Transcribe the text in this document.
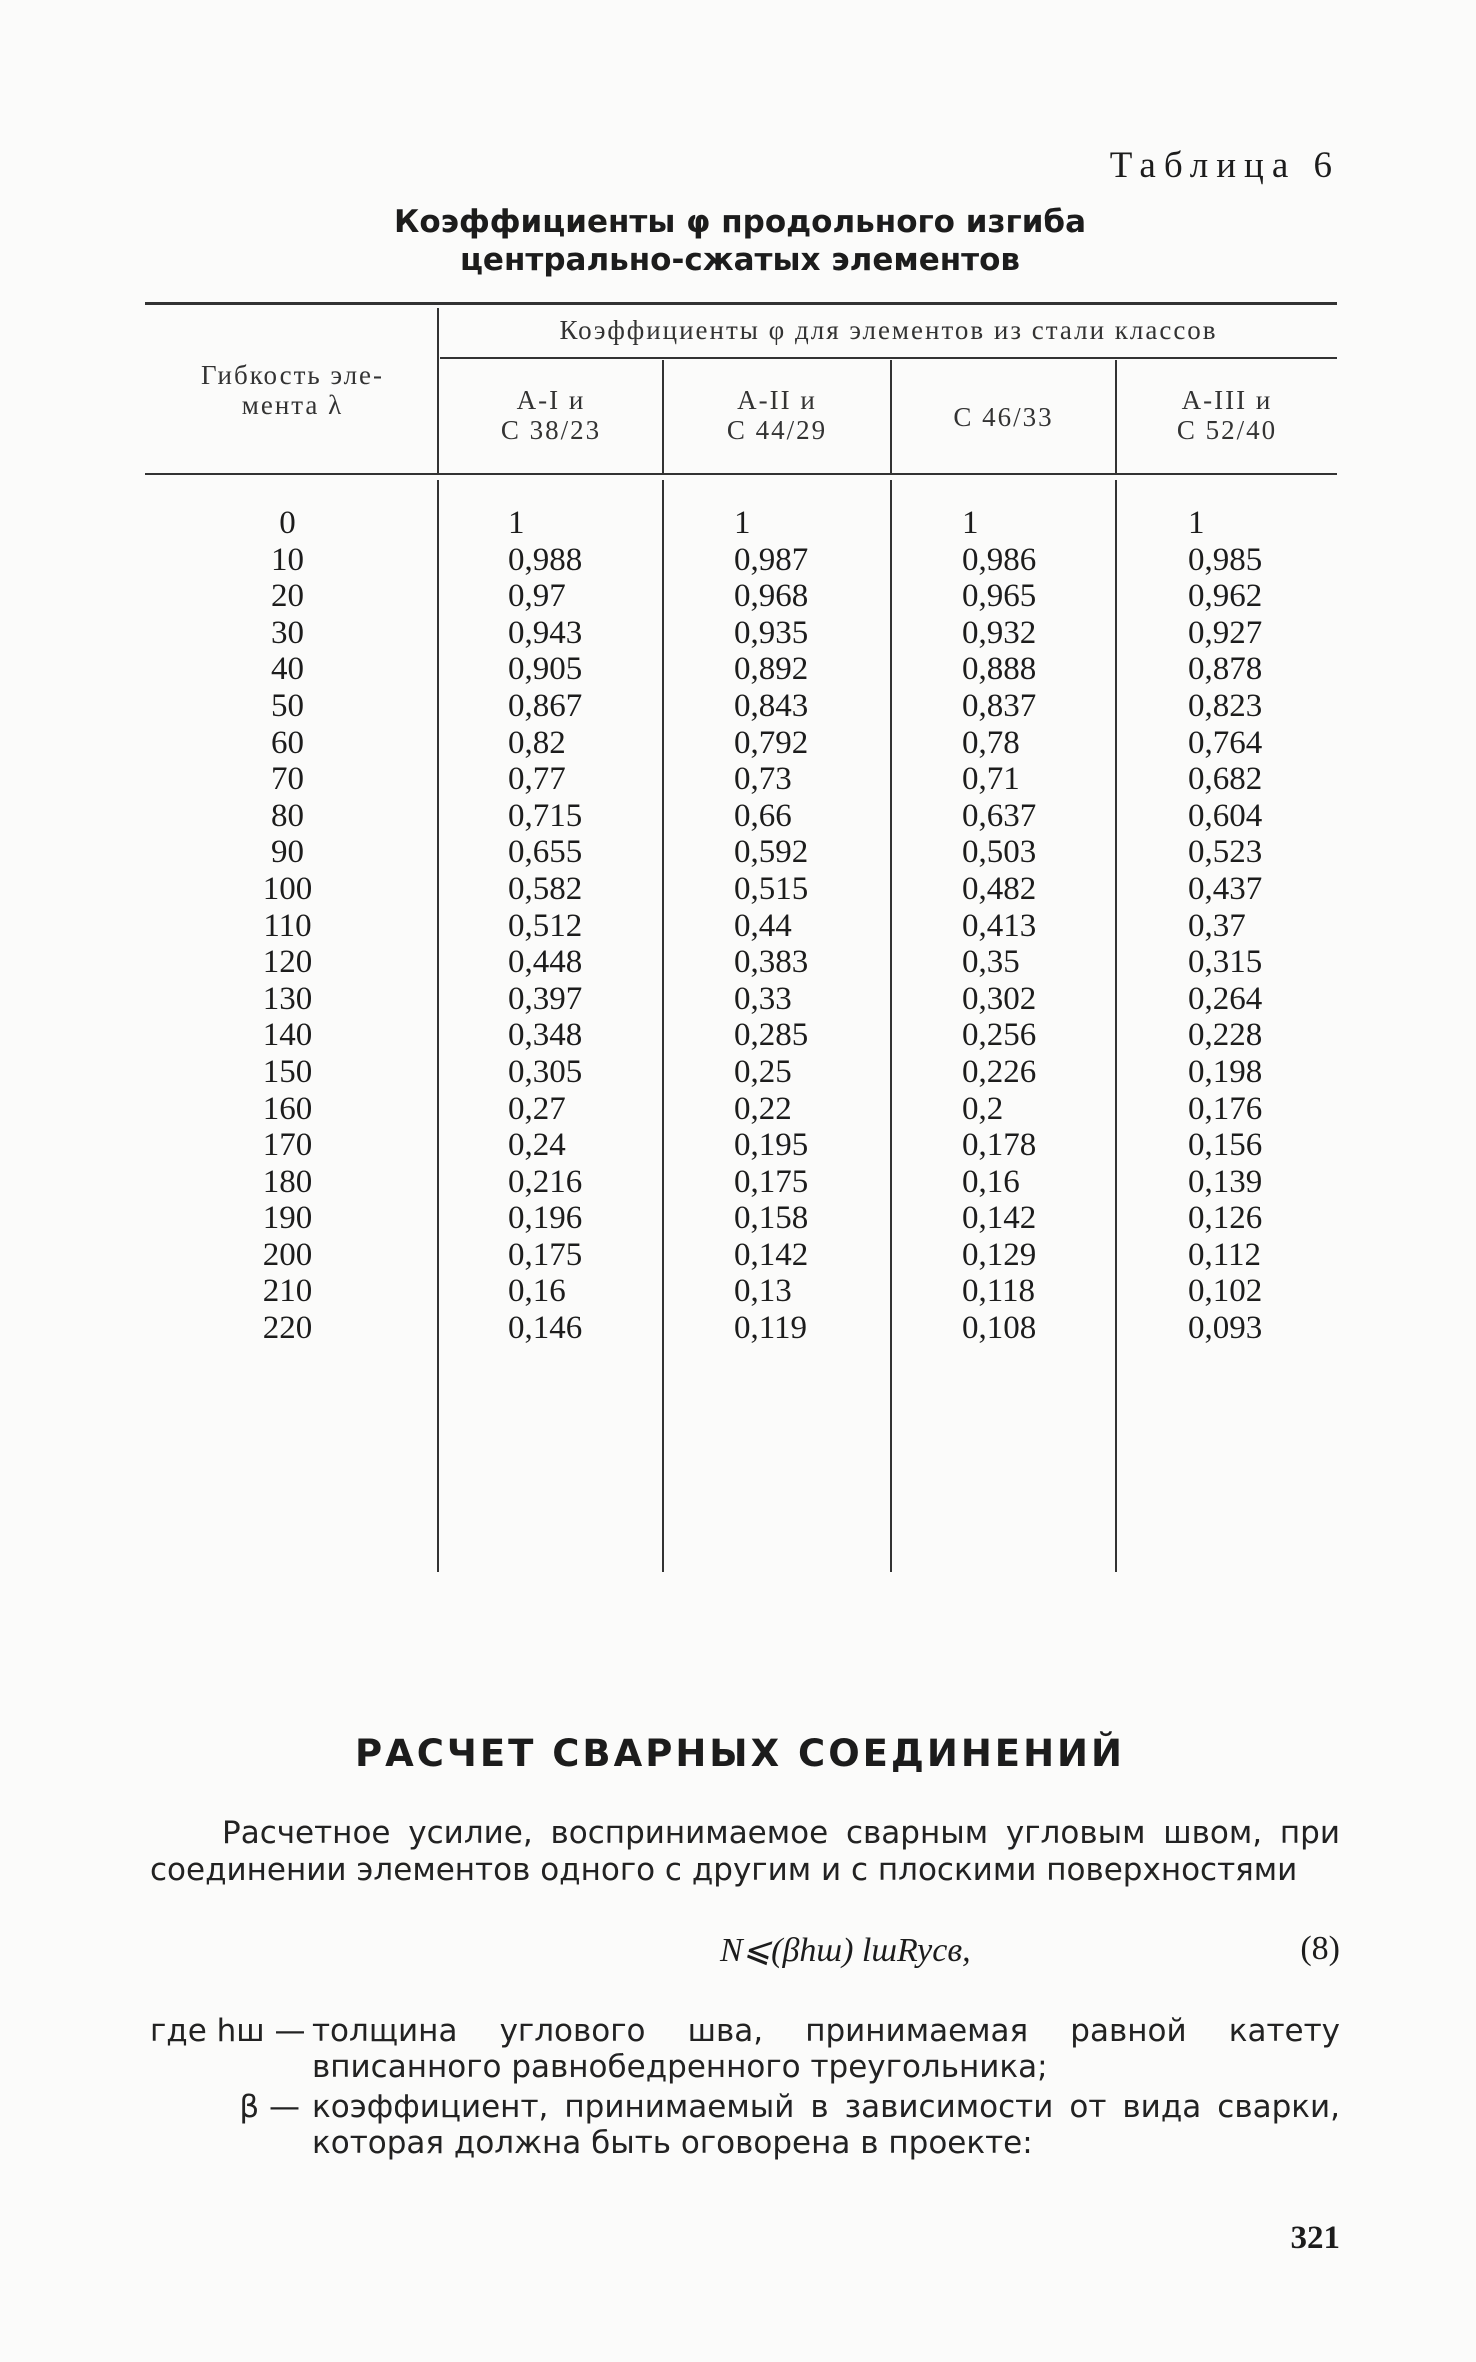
Таблица 6
Коэффициенты φ продольного изгиба
центрально-сжатых элементов
Гибкость эле-
мента λ
Коэффициенты φ для элементов из стали классов
А-I и
С 38/23
А-II и
С 44/29	С 46/33
А-III и
С 52/40
0
10
20
30
40
50
60
70
80
90
100
110
120
130
140
150
160
170
180
190
200
210
220
1
0,988
0,97
0,943
0,905
0,867
0,82
0,77
0,715
0,655
0,582
0,512
0,448
0,397
0,348
0,305
0,27
0,24
0,216
0,196
0,175
0,16
0,146
1
0,987
0,968
0,935
0,892
0,843
0,792
0,73
0,66
0,592
0,515
0,44
0,383
0,33
0,285
0,25
0,22
0,195
0,175
0,158
0,142
0,13
0,119
1
0,986
0,965
0,932
0,888
0,837
0,78
0,71
0,637
0,503
0,482
0,413
0,35
0,302
0,256
0,226
0,2
0,178
0,16
0,142
0,129
0,118
0,108
1
0,985
0,962
0,927
0,878
0,823
0,764
0,682
0,604
0,523
0,437
0,37
0,315
0,264
0,228
0,198
0,176
0,156
0,139
0,126
0,112
0,102
0,093
РАСЧЕТ СВАРНЫХ СОЕДИНЕНИЙ
Расчетное усилие, воспринимаемое сварным угловым швом, при соединении элементов одного с другим и с плоскими поверхностями
N⩽(βhш) lшRyсв,	(8)
где hш — толщина углового шва, принимаемая равной катету вписанного равнобедренного треугольника;
β — коэффициент, принимаемый в зависимости от вида сварки, которая должна быть оговорена в проекте:
321
